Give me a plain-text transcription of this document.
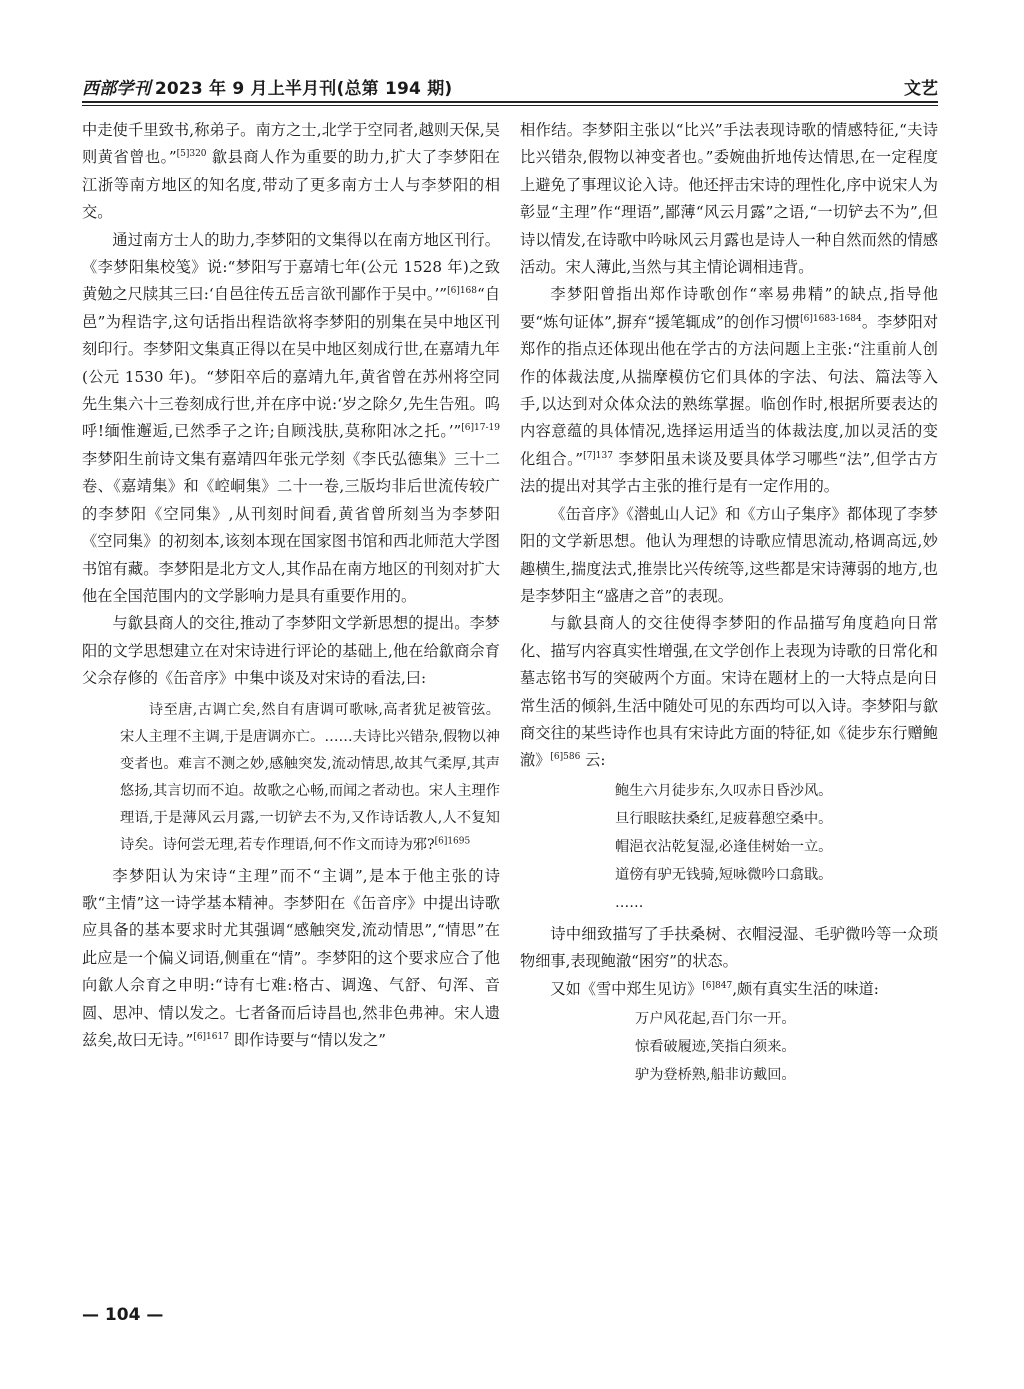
西部学刊 2023 年 9 月上半月刊(总第 194 期)	文艺

中走使千里致书,称弟子。南方之士,北学于空同者,越则天保,吴则黄省曾也。”$^{[5]320}$ 歙县商人作为重要的助力,扩大了李梦阳在江浙等南方地区的知名度,带动了更多南方士人与李梦阳的相交。

通过南方士人的助力,李梦阳的文集得以在南方地区刊行。《李梦阳集校笺》说:“梦阳写于嘉靖七年(公元 1528 年)之致黄勉之尺牍其三曰:‘自邑往传五岳言欲刊鄙作于吴中。’”$^{[6]168}$“自邑”为程诰字,这句话指出程诰欲将李梦阳的别集在吴中地区刊刻印行。李梦阳文集真正得以在吴中地区刻成行世,在嘉靖九年(公元 1530 年)。“梦阳卒后的嘉靖九年,黄省曾在苏州将空同先生集六十三卷刻成行世,并在序中说:‘岁之除夕,先生告殂。呜呼!缅惟邂逅,已然季子之许;自顾浅肤,莫称阳冰之托。’”$^{[6]17-19}$ 李梦阳生前诗文集有嘉靖四年张元学刻《李氏弘德集》三十二卷、《嘉靖集》和《崆峒集》二十一卷,三版均非后世流传较广的李梦阳《空同集》,从刊刻时间看,黄省曾所刻当为李梦阳《空同集》的初刻本,该刻本现在国家图书馆和西北师范大学图书馆有藏。李梦阳是北方文人,其作品在南方地区的刊刻对扩大他在全国范围内的文学影响力是具有重要作用的。

与歙县商人的交往,推动了李梦阳文学新思想的提出。李梦阳的文学思想建立在对宋诗进行评论的基础上,他在给歙商佘育父佘存修的《缶音序》中集中谈及对宋诗的看法,曰:

诗至唐,古调亡矣,然自有唐调可歌咏,高者犹足被管弦。宋人主理不主调,于是唐调亦亡。……夫诗比兴错杂,假物以神变者也。难言不测之妙,感触突发,流动情思,故其气柔厚,其声悠扬,其言切而不迫。故歌之心畅,而闻之者动也。宋人主理作理语,于是薄风云月露,一切铲去不为,又作诗话教人,人不复知诗矣。诗何尝无理,若专作理语,何不作文而诗为邪?$^{[6]1695}$

李梦阳认为宋诗“主理”而不“主调”,是本于他主张的诗歌“主情”这一诗学基本精神。李梦阳在《缶音序》中提出诗歌应具备的基本要求时尤其强调“感触突发,流动情思”,“情思”在此应是一个偏义词语,侧重在“情”。李梦阳的这个要求应合了他向歙人佘育之申明:“诗有七难:格古、调逸、气舒、句浑、音圆、思冲、情以发之。七者备而后诗昌也,然非色弗神。宋人遗兹矣,故曰无诗。”$^{[6]1617}$ 即作诗要与“情以发之”

相作结。李梦阳主张以“比兴”手法表现诗歌的情感特征,“夫诗比兴错杂,假物以神变者也。”委婉曲折地传达情思,在一定程度上避免了事理议论入诗。他还抨击宋诗的理性化,序中说宋人为彰显“主理”作“理语”,鄙薄“风云月露”之语,“一切铲去不为”,但诗以情发,在诗歌中吟咏风云月露也是诗人一种自然而然的情感活动。宋人薄此,当然与其主情论调相违背。

李梦阳曾指出郑作诗歌创作“率易弗精”的缺点,指导他要“炼句证体”,摒弃“援笔辄成”的创作习惯$^{[6]1683-1684}$。李梦阳对郑作的指点还体现出他在学古的方法问题上主张:“注重前人创作的体裁法度,从揣摩模仿它们具体的字法、句法、篇法等入手,以达到对众体众法的熟练掌握。临创作时,根据所要表达的内容意蕴的具体情况,选择运用适当的体裁法度,加以灵活的变化组合。”$^{[7]137}$ 李梦阳虽未谈及要具体学习哪些“法”,但学古方法的提出对其学古主张的推行是有一定作用的。

《缶音序》《潜虬山人记》和《方山子集序》都体现了李梦阳的文学新思想。他认为理想的诗歌应情思流动,格调高远,妙趣横生,揣度法式,推崇比兴传统等,这些都是宋诗薄弱的地方,也是李梦阳主“盛唐之音”的表现。

与歙县商人的交往使得李梦阳的作品描写角度趋向日常化、描写内容真实性增强,在文学创作上表现为诗歌的日常化和墓志铭书写的突破两个方面。宋诗在题材上的一大特点是向日常生活的倾斜,生活中随处可见的东西均可以入诗。李梦阳与歙商交往的某些诗作也具有宋诗此方面的特征,如《徒步东行赠鲍澈》$^{[6]586}$ 云:

鲍生六月徒步东,久叹赤日昏沙风。
旦行眼眩扶桑红,足疲暮憩空桑中。
帽浥衣沾乾复湿,必逢佳树始一立。
道傍有驴无钱骑,短咏微吟口翕戢。
……

诗中细致描写了手扶桑树、衣帽浸湿、毛驴微吟等一众琐物细事,表现鲍澈“困穷”的状态。

又如《雪中郑生见访》$^{[6]847}$,颇有真实生活的味道:

万户风花起,吾门尔一开。
惊看破履迹,笑指白须来。
驴为登桥熟,船非访戴回。
— 104 —
